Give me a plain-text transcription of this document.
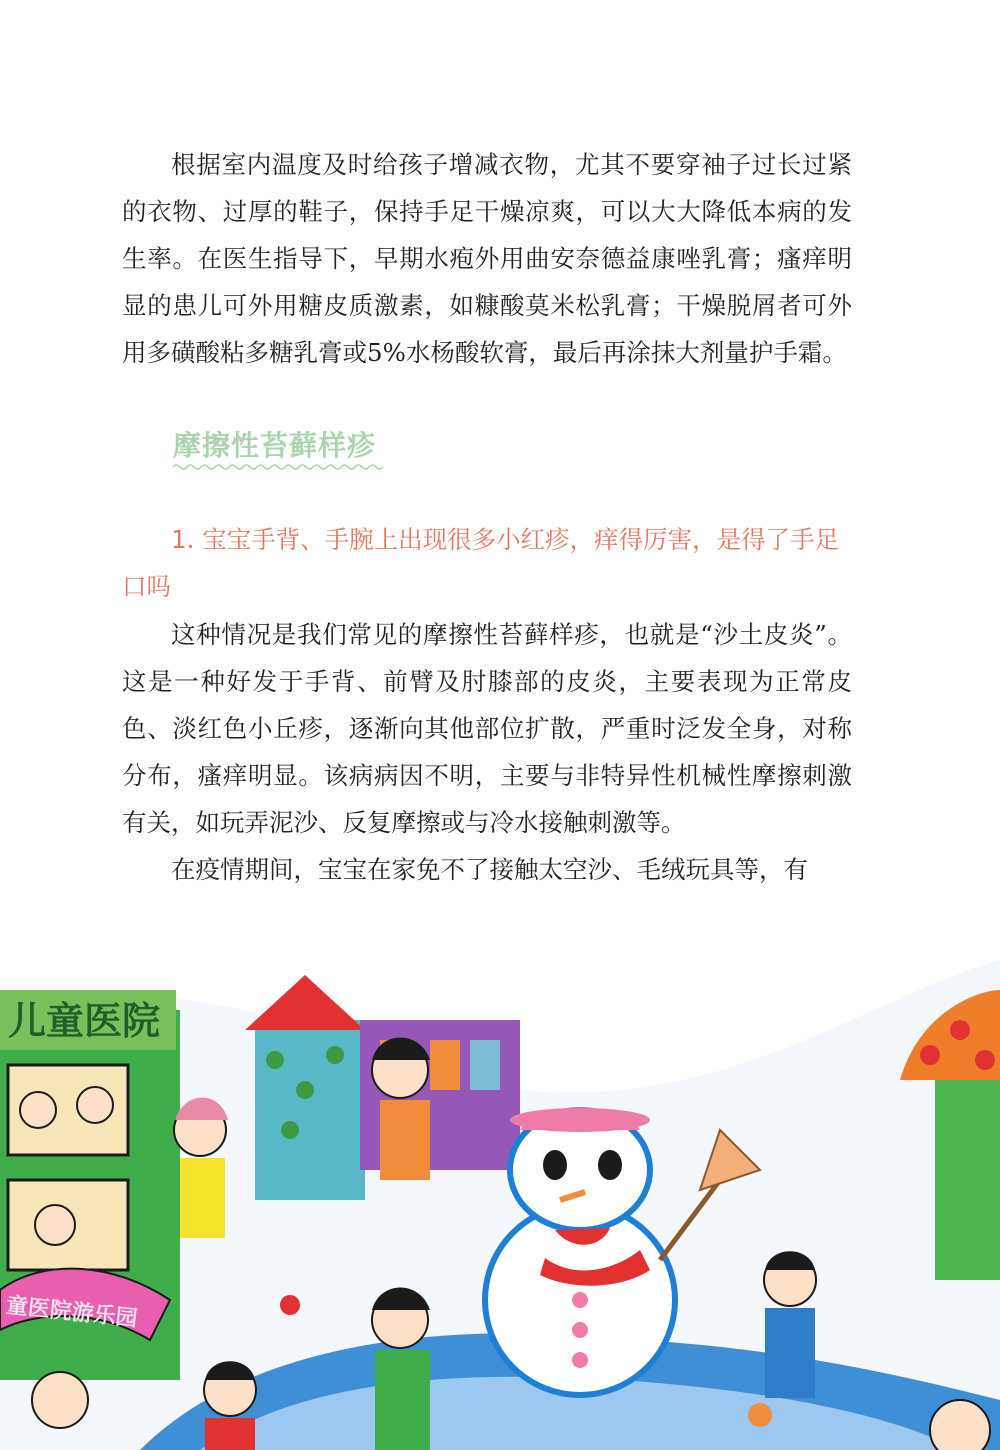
根据室内温度及时给孩子增减衣物，尤其不要穿袖子过长过紧的衣物、过厚的鞋子，保持手足干燥凉爽，可以大大降低本病的发生率。在医生指导下，早期水疱外用曲安奈德益康唑乳膏；瘙痒明显的患儿可外用糖皮质激素，如糠酸莫米松乳膏；干燥脱屑者可外用多磺酸粘多糖乳膏或5%水杨酸软膏，最后再涂抹大剂量护手霜。

摩擦性苔藓样疹

1. 宝宝手背、手腕上出现很多小红疹，痒得厉害，是得了手足口吗

这种情况是我们常见的摩擦性苔藓样疹，也就是“沙土皮炎”。这是一种好发于手背、前臂及肘膝部的皮炎，主要表现为正常皮色、淡红色小丘疹，逐渐向其他部位扩散，严重时泛发全身，对称分布，瘙痒明显。该病病因不明，主要与非特异性机械性摩擦刺激有关，如玩弄泥沙、反复摩擦或与冷水接触刺激等。

在疫情期间，宝宝在家免不了接触太空沙、毛绒玩具等，有

儿童医院
童医院游乐园
